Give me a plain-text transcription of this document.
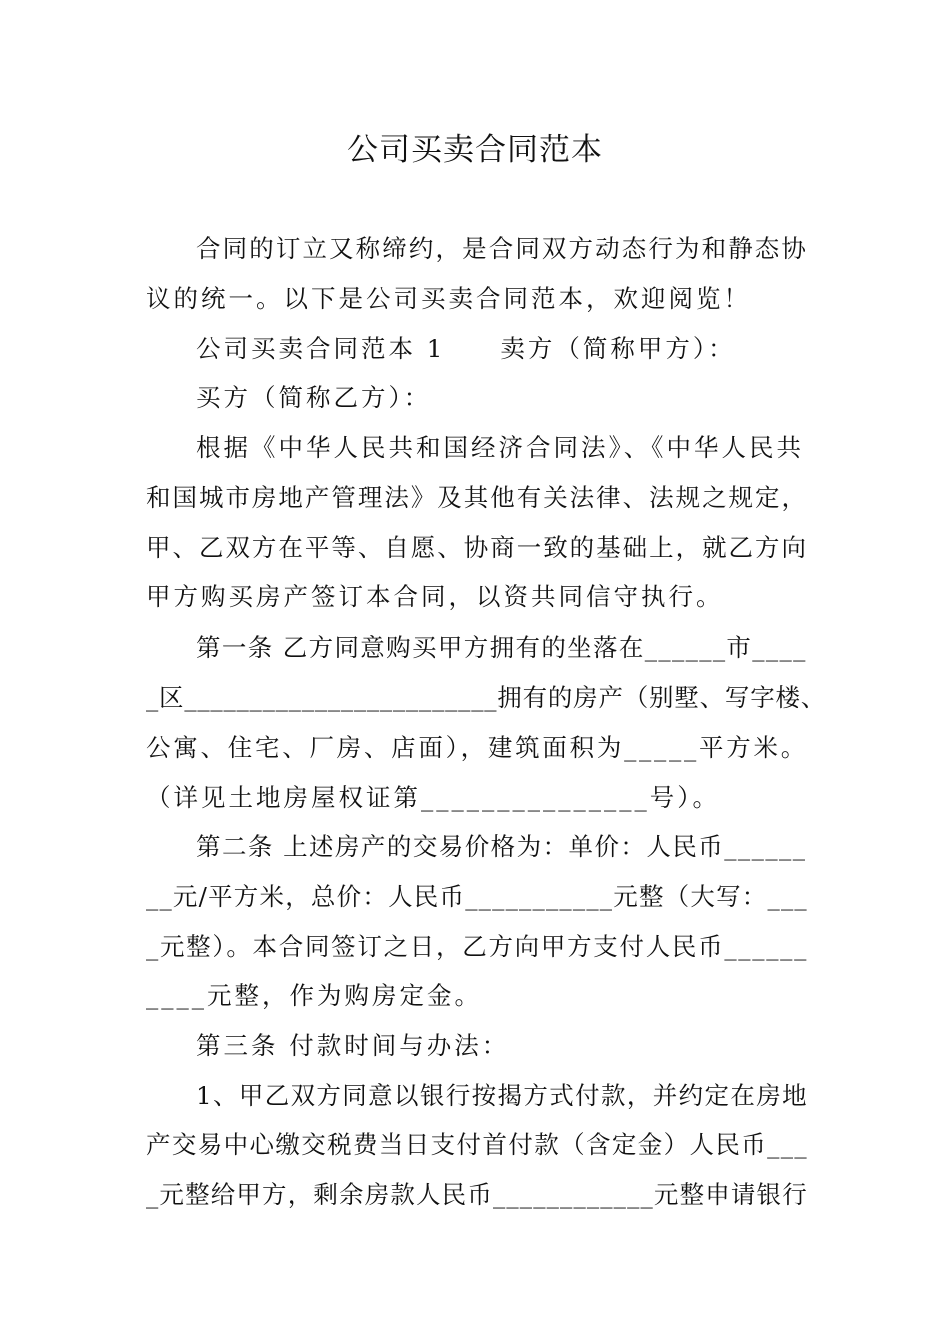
公司买卖合同范本
合同的订立又称缔约，是合同双方动态行为和静态协
议的统一。以下是公司买卖合同范本，欢迎阅览！
公司买卖合同范本 1　　卖方（简称甲方）：
买方（简称乙方）：
根据《中华人民共和国经济合同法》、《中华人民共
和国城市房地产管理法》及其他有关法律、法规之规定，
甲、乙双方在平等、自愿、协商一致的基础上，就乙方向
甲方购买房产签订本合同，以资共同信守执行。
第一条 乙方同意购买甲方拥有的坐落在______市____
_区________________________拥有的房产（别墅、写字楼、
公寓、住宅、厂房、店面），建筑面积为_____平方米。
（详见土地房屋权证第_______________号）。
第二条 上述房产的交易价格为：单价：人民币______
__元/平方米，总价：人民币___________元整（大写：___
_元整）。本合同签订之日，乙方向甲方支付人民币______
____元整，作为购房定金。
第三条 付款时间与办法：
1、甲乙双方同意以银行按揭方式付款，并约定在房地
产交易中心缴交税费当日支付首付款（含定金）人民币___
_元整给甲方，剩余房款人民币____________元整申请银行
